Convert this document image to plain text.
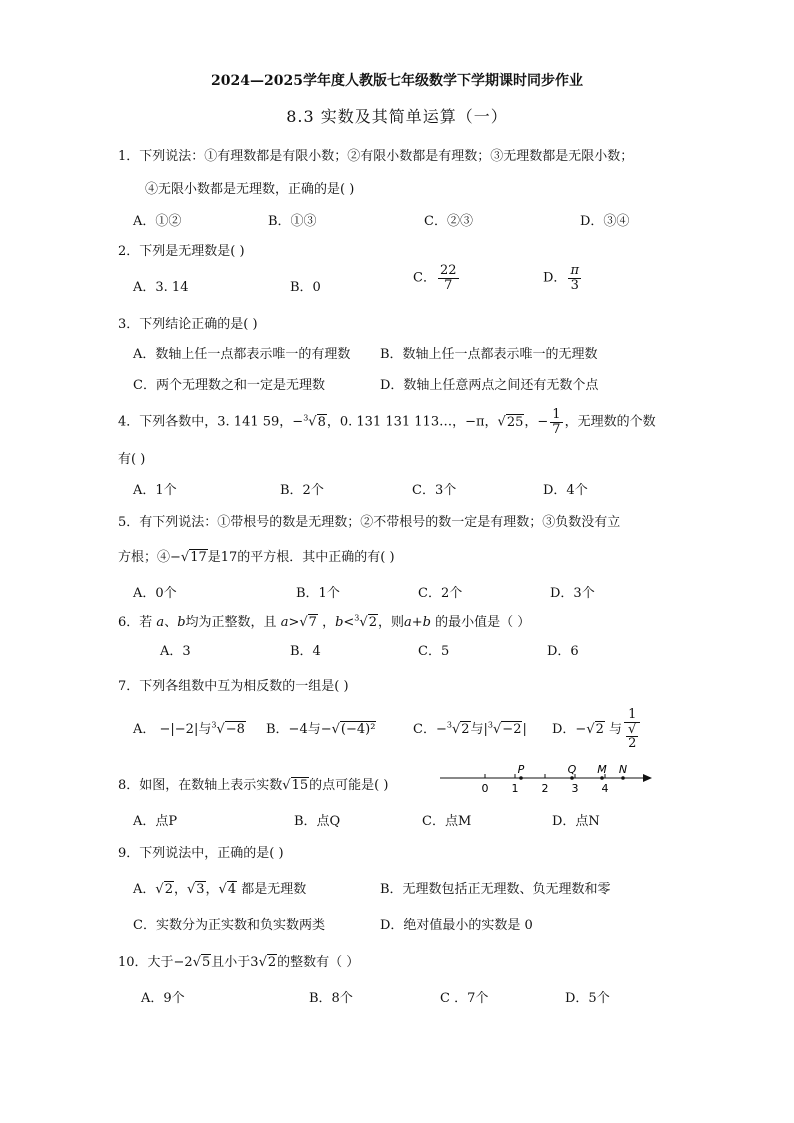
2024—2025学年度人教版七年级数学下学期课时同步作业
8.3 实数及其简单运算（一）
1．下列说法：①有理数都是有限小数；②有限小数都是有理数；③无理数都是无限小数；
④无限小数都是无理数，正确的是( )
A．①②	B．①③	C．②③	D．③④
2．下列是无理数是( )
A．3. 14	B．0
C． $\frac{22}{7}$	D． $\frac{\pi}{3}$
3．下列结论正确的是( )
A．数轴上任一点都表示唯一的有理数 B．数轴上任一点都表示唯一的无理数
C．两个无理数之和一定是无理数	D．数轴上任意两点之间还有无数个点
4．下列各数中，3. 141 59，−$^3$√8，0. 131 131 113…，−π，√25，− $\frac{1}{7}$ ，无理数的个数
有( )
A．1个	B．2个	C．3个	D．4个
5．有下列说法：①带根号的数是无理数；②不带根号的数一定是有理数；③负数没有立
方根；④−√17是17的平方根．其中正确的有( )
A．0个	B．1个	C．2个	D．3个
6．若 a、b均为正整数，且 a>√7 ，b<$^3$√2，则a+b 的最小值是（ ）
A．3	B．4	C．5	D．6
7．下列各组数中互为相反数的一组是( )
A． −|−2|与$^3$√−8 B．−4与−√(−4)²	C．−$^3$√2与$|^3√-2|$ D．−√2 与 1
√
2
8．如图，在数轴上表示实数√15的点可能是( )	0 1 2 3 4
P	Q M N
A．点P	B．点Q	C．点M	D．点N
9．下列说法中，正确的是( )
A．√2，√3，√4 都是无理数	B．无理数包括正无理数、负无理数和零
C．实数分为正实数和负实数两类	D．绝对值最小的实数是 0
10．大于−2√5且小于3√2的整数有（ ）
A．9个	B．8个	C ．7个	D．5个
